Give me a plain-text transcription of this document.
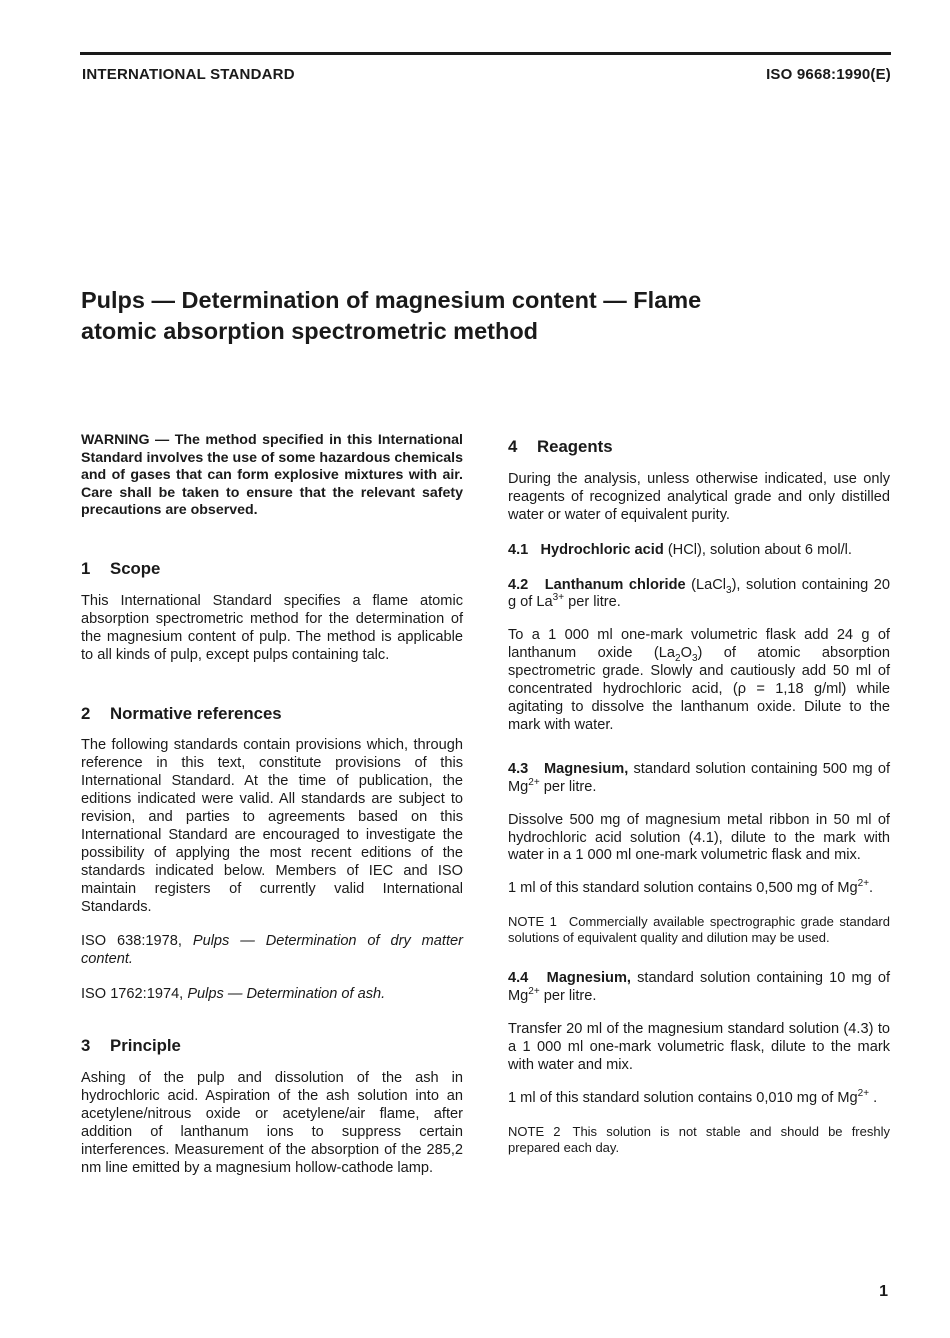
INTERNATIONAL STANDARD	ISO 9668:1990(E)
Pulps — Determination of magnesium content — Flame
atomic absorption spectrometric method

WARNING — The method specified in this International Standard involves the use of some hazardous chemicals and of gases that can form explosive mixtures with air. Care shall be taken to ensure that the relevant safety precautions are observed.

1 Scope

This International Standard specifies a flame atomic absorption spectrometric method for the determination of the magnesium content of pulp. The method is applicable to all kinds of pulp, except pulps containing talc.

2 Normative references

The following standards contain provisions which, through reference in this text, constitute provisions of this International Standard. At the time of publication, the editions indicated were valid. All standards are subject to revision, and parties to agreements based on this International Standard are encouraged to investigate the possibility of applying the most recent editions of the standards indicated below. Members of IEC and ISO maintain registers of currently valid International Standards.

ISO 638:1978, Pulps — Determination of dry matter content.

ISO 1762:1974, Pulps — Determination of ash.

3 Principle

Ashing of the pulp and dissolution of the ash in hydrochloric acid. Aspiration of the ash solution into an acetylene/nitrous oxide or acetylene/air flame, after addition of lanthanum ions to suppress certain interferences. Measurement of the absorption of the 285,2 nm line emitted by a magnesium hollow-cathode lamp.

4 Reagents

During the analysis, unless otherwise indicated, use only reagents of recognized analytical grade and only distilled water or water of equivalent purity.

4.1 Hydrochloric acid (HCl), solution about 6 mol/l.

4.2 Lanthanum chloride (LaCl$_3$), solution containing 20 g of $La^{3+}$ per litre.

To a 1 000 ml one-mark volumetric flask add 24 g of lanthanum oxide $(La_2O_3)$ of atomic absorption spectrometric grade. Slowly and cautiously add 50 ml of concentrated hydrochloric acid, (ρ = 1,18 g/ml) while agitating to dissolve the lanthanum oxide. Dilute to the mark with water.

4.3 Magnesium, standard solution containing 500 mg of $Mg^{2+}$ per litre.

Dissolve 500 mg of magnesium metal ribbon in 50 ml of hydrochloric acid solution (4.1), dilute to the mark with water in a 1 000 ml one-mark volumetric flask and mix.

1 ml of this standard solution contains 0,500 mg of $Mg^{2+}$.

NOTE 1 Commercially available spectrographic grade standard solutions of equivalent quality and dilution may be used.

4.4 Magnesium, standard solution containing 10 mg of $Mg^{2+}$ per litre.

Transfer 20 ml of the magnesium standard solution (4.3) to a 1 000 ml one-mark volumetric flask, dilute to the mark with water and mix.

1 ml of this standard solution contains 0,010 mg of $Mg^{2+}$ .

NOTE 2 This solution is not stable and should be freshly prepared each day.

1
